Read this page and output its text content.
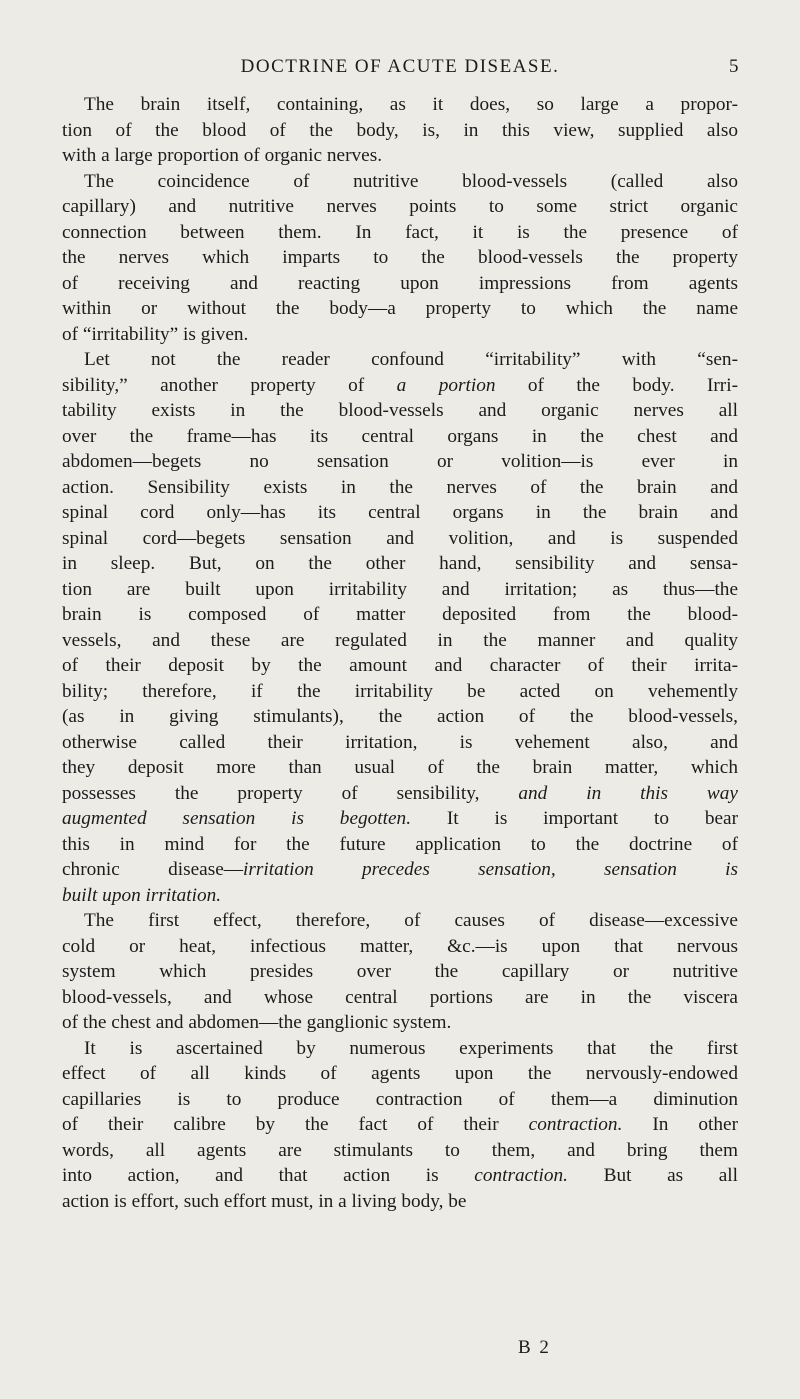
DOCTRINE OF ACUTE DISEASE.	5

The brain itself, containing, as it does, so large a propor-
tion of the blood of the body, is, in this view, supplied also
with a large proportion of organic nerves.

The coincidence of nutritive blood-vessels (called also
capillary) and nutritive nerves points to some strict organic
connection between them. In fact, it is the presence of
the nerves which imparts to the blood-vessels the property
of receiving and reacting upon impressions from agents
within or without the body—a property to which the name
of “irritability” is given.

Let not the reader confound “irritability” with “sen-
sibility,” another property of a portion of the body. Irri-
tability exists in the blood-vessels and organic nerves all
over the frame—has its central organs in the chest and
abdomen—begets no sensation or volition—is ever in
action. Sensibility exists in the nerves of the brain and
spinal cord only—has its central organs in the brain and
spinal cord—begets sensation and volition, and is suspended
in sleep. But, on the other hand, sensibility and sensa-
tion are built upon irritability and irritation; as thus—the
brain is composed of matter deposited from the blood-
vessels, and these are regulated in the manner and quality
of their deposit by the amount and character of their irrita-
bility; therefore, if the irritability be acted on vehemently
(as in giving stimulants), the action of the blood-vessels,
otherwise called their irritation, is vehement also, and
they deposit more than usual of the brain matter, which
possesses the property of sensibility, and in this way
augmented sensation is begotten. It is important to bear
this in mind for the future application to the doctrine of
chronic disease—irritation precedes sensation, sensation is
built upon irritation.

The first effect, therefore, of causes of disease—excessive
cold or heat, infectious matter, &c.—is upon that nervous
system which presides over the capillary or nutritive
blood-vessels, and whose central portions are in the viscera
of the chest and abdomen—the ganglionic system.

It is ascertained by numerous experiments that the first
effect of all kinds of agents upon the nervously-endowed
capillaries is to produce contraction of them—a diminution
of their calibre by the fact of their contraction. In other
words, all agents are stimulants to them, and bring them
into action, and that action is contraction. But as all
action is effort, such effort must, in a living body, be

B 2
